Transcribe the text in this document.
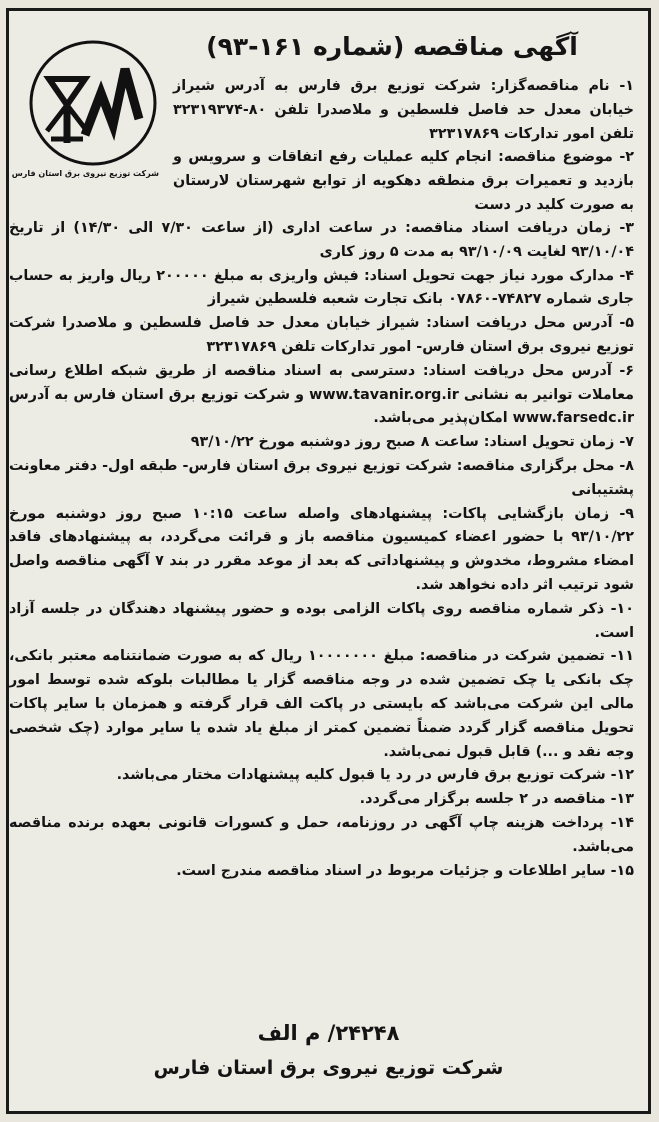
شرکت توزیع نیروی برق استان فارس
آگهی مناقصه (شماره ۱۶۱-۹۳)
۱- نام مناقصه‌گزار: شرکت توزیع برق فارس به آدرس شیراز خیابان معدل حد فاصل فلسطین و ملاصدرا تلفن ۸۰-۳۲۳۱۹۳۷۴ تلفن امور تدارکات ۳۲۳۱۷۸۶۹
۲- موضوع مناقصه: انجام کلیه عملیات رفع اتفاقات و سرویس و بازدید و تعمیرات برق منطقه دهکویه از توابع شهرستان لارستان به صورت کلید در دست
۳- زمان دریافت اسناد مناقصه: در ساعت اداری (از ساعت ۷/۳۰ الی ۱۴/۳۰) از تاریخ ۹۳/۱۰/۰۴ لغایت ۹۳/۱۰/۰۹ به مدت ۵ روز کاری
۴- مدارک مورد نیاز جهت تحویل اسناد: فیش واریزی به مبلغ ۲۰۰۰۰۰ ریال واریز به حساب جاری شماره ۷۴۸۲۷-۰۷۸۶۰ بانک تجارت شعبه فلسطین شیراز
۵- آدرس محل دریافت اسناد: شیراز خیابان معدل حد فاصل فلسطین و ملاصدرا شرکت توزیع نیروی برق استان فارس- امور تدارکات تلفن ۳۲۳۱۷۸۶۹
۶- آدرس محل دریافت اسناد: دسترسی به اسناد مناقصه از طریق شبکه اطلاع رسانی معاملات توانیر به نشانی www.tavanir.org.ir و شرکت توزیع برق استان فارس به آدرس www.farsedc.ir امکان‌پذیر می‌باشد.
۷- زمان تحویل اسناد: ساعت ۸ صبح روز دوشنبه مورخ ۹۳/۱۰/۲۲
۸- محل برگزاری مناقصه: شرکت توزیع نیروی برق استان فارس- طبقه اول- دفتر معاونت پشتیبانی
۹- زمان بازگشایی پاکات: پیشنهادهای واصله ساعت ۱۰:۱۵ صبح روز دوشنبه مورخ ۹۳/۱۰/۲۲ با حضور اعضاء کمیسیون مناقصه باز و قرائت می‌گردد، به پیشنهادهای فاقد امضاء مشروط، مخدوش و پیشنهاداتی که بعد از موعد مقرر در بند ۷ آگهی مناقصه واصل شود ترتیب اثر داده نخواهد شد.
۱۰- ذکر شماره مناقصه روی پاکات الزامی بوده و حضور پیشنهاد دهندگان در جلسه آزاد است.
۱۱- تضمین شرکت در مناقصه: مبلغ ۱۰۰۰۰۰۰۰ ریال که به صورت ضمانتنامه معتبر بانکی، چک بانکی یا چک تضمین شده در وجه مناقصه گزار یا مطالبات بلوکه شده توسط امور مالی این شرکت می‌باشد که بایستی در پاکت الف قرار گرفته و همزمان با سایر پاکات تحویل مناقصه گزار گردد ضمناً تضمین کمتر از مبلغ یاد شده یا سایر موارد (چک شخصی وجه نقد و ...) قابل قبول نمی‌باشد.
۱۲- شرکت توزیع برق فارس در رد یا قبول کلیه پیشنهادات مختار می‌باشد.
۱۳- مناقصه در ۲ جلسه برگزار می‌گردد.
۱۴- پرداخت هزینه چاپ آگهی در روزنامه، حمل و کسورات قانونی بعهده برنده مناقصه می‌باشد.
۱۵- سایر اطلاعات و جزئیات مربوط در اسناد مناقصه مندرج است.

۲۴۲۴۸/ م الف

شرکت توزیع نیروی برق استان فارس
